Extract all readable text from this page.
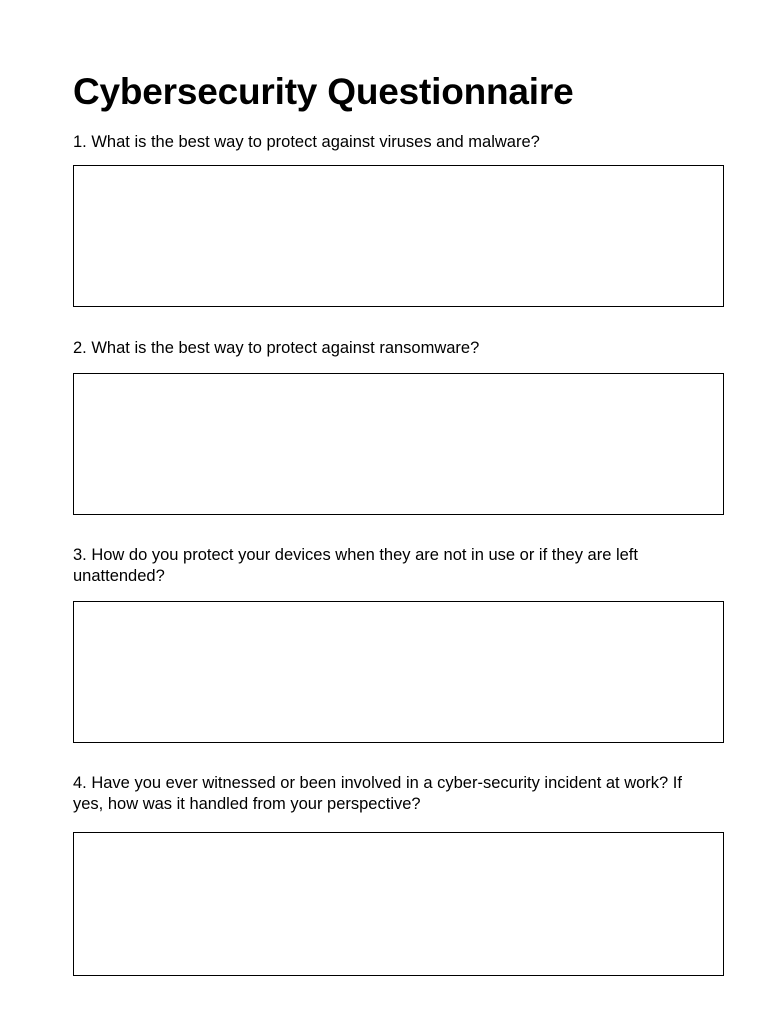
Cybersecurity Questionnaire

1. What is the best way to protect against viruses and malware?

2. What is the best way to protect against ransomware?

3. How do you protect your devices when they are not in use or if they are left unattended?

4. Have you ever witnessed or been involved in a cyber-security incident at work? If yes, how was it handled from your perspective?
